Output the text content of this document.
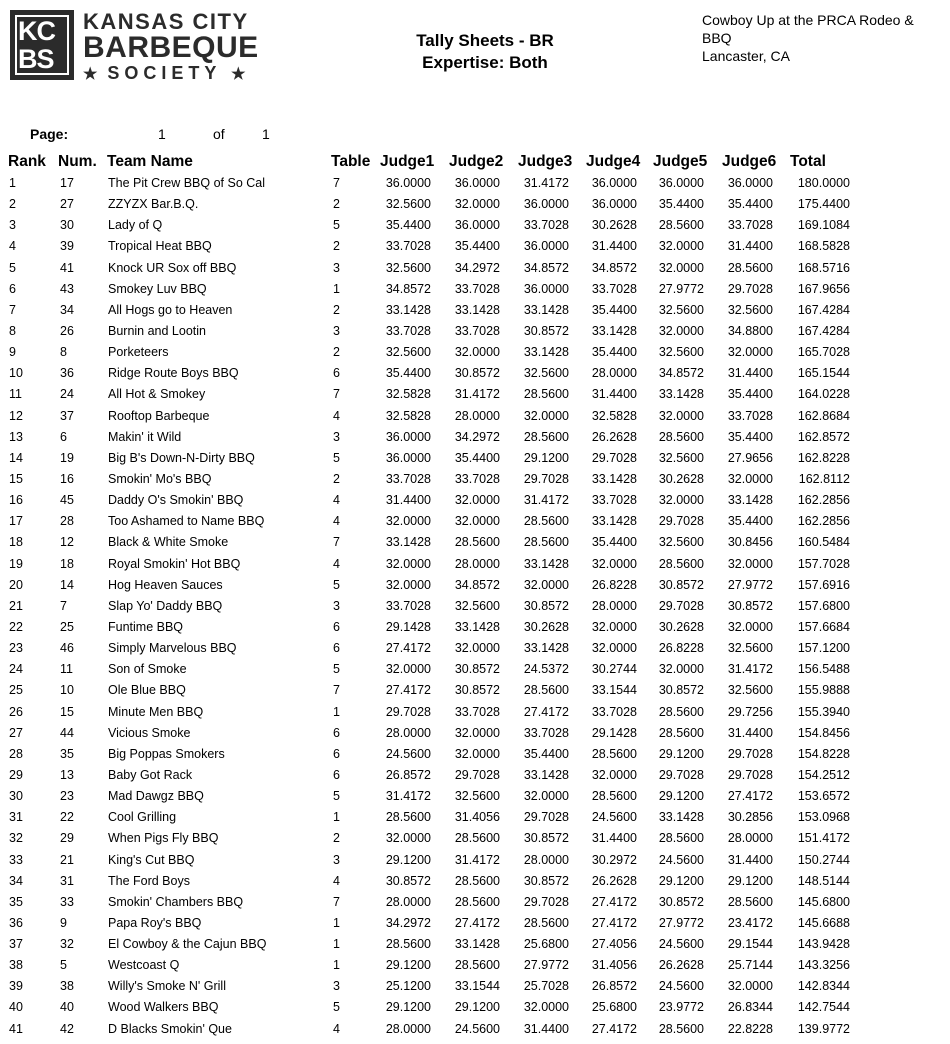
KC
BS
KANSAS CITY
BARBEQUE
★ SOCIETY ★
Tally Sheets - BR
Expertise: Both
Cowboy Up at the PRCA Rodeo &
BBQ
Lancaster, CA
Page:	1	of	1
Rank Num. Team Name	Table Judge1 Judge2 Judge3 Judge4 Judge5 Judge6 Total
1	17	The Pit Crew BBQ of So Cal	7	36.0000	36.0000	31.4172	36.0000	36.0000	36.0000	180.0000
2	27	ZZYZX Bar.B.Q.	2	32.5600	32.0000	36.0000	36.0000	35.4400	35.4400	175.4400
3	30	Lady of Q	5	35.4400	36.0000	33.7028	30.2628	28.5600	33.7028	169.1084
4	39	Tropical Heat BBQ	2	33.7028	35.4400	36.0000	31.4400	32.0000	31.4400	168.5828
5	41	Knock UR Sox off BBQ	3	32.5600	34.2972	34.8572	34.8572	32.0000	28.5600	168.5716
6	43	Smokey Luv BBQ	1	34.8572	33.7028	36.0000	33.7028	27.9772	29.7028	167.9656
7	34	All Hogs go to Heaven	2	33.1428	33.1428	33.1428	35.4400	32.5600	32.5600	167.4284
8	26	Burnin and Lootin	3	33.7028	33.7028	30.8572	33.1428	32.0000	34.8800	167.4284
9	8	Porketeers	2	32.5600	32.0000	33.1428	35.4400	32.5600	32.0000	165.7028
10	36	Ridge Route Boys BBQ	6	35.4400	30.8572	32.5600	28.0000	34.8572	31.4400	165.1544
11	24	All Hot & Smokey	7	32.5828	31.4172	28.5600	31.4400	33.1428	35.4400	164.0228
12	37	Rooftop Barbeque	4	32.5828	28.0000	32.0000	32.5828	32.0000	33.7028	162.8684
13	6	Makin' it Wild	3	36.0000	34.2972	28.5600	26.2628	28.5600	35.4400	162.8572
14	19	Big B's Down-N-Dirty BBQ	5	36.0000	35.4400	29.1200	29.7028	32.5600	27.9656	162.8228
15	16	Smokin' Mo's BBQ	2	33.7028	33.7028	29.7028	33.1428	30.2628	32.0000	162.8112
16	45	Daddy O's Smokin' BBQ	4	31.4400	32.0000	31.4172	33.7028	32.0000	33.1428	162.2856
17	28	Too Ashamed to Name BBQ	4	32.0000	32.0000	28.5600	33.1428	29.7028	35.4400	162.2856
18	12	Black & White Smoke	7	33.1428	28.5600	28.5600	35.4400	32.5600	30.8456	160.5484
19	18	Royal Smokin' Hot BBQ	4	32.0000	28.0000	33.1428	32.0000	28.5600	32.0000	157.7028
20	14	Hog Heaven Sauces	5	32.0000	34.8572	32.0000	26.8228	30.8572	27.9772	157.6916
21	7	Slap Yo' Daddy BBQ	3	33.7028	32.5600	30.8572	28.0000	29.7028	30.8572	157.6800
22	25	Funtime BBQ	6	29.1428	33.1428	30.2628	32.0000	30.2628	32.0000	157.6684
23	46	Simply Marvelous BBQ	6	27.4172	32.0000	33.1428	32.0000	26.8228	32.5600	157.1200
24	11	Son of Smoke	5	32.0000	30.8572	24.5372	30.2744	32.0000	31.4172	156.5488
25	10	Ole Blue BBQ	7	27.4172	30.8572	28.5600	33.1544	30.8572	32.5600	155.9888
26	15	Minute Men BBQ	1	29.7028	33.7028	27.4172	33.7028	28.5600	29.7256	155.3940
27	44	Vicious Smoke	6	28.0000	32.0000	33.7028	29.1428	28.5600	31.4400	154.8456
28	35	Big Poppas Smokers	6	24.5600	32.0000	35.4400	28.5600	29.1200	29.7028	154.8228
29	13	Baby Got Rack	6	26.8572	29.7028	33.1428	32.0000	29.7028	29.7028	154.2512
30	23	Mad Dawgz BBQ	5	31.4172	32.5600	32.0000	28.5600	29.1200	27.4172	153.6572
31	22	Cool Grilling	1	28.5600	31.4056	29.7028	24.5600	33.1428	30.2856	153.0968
32	29	When Pigs Fly BBQ	2	32.0000	28.5600	30.8572	31.4400	28.5600	28.0000	151.4172
33	21	King's Cut BBQ	3	29.1200	31.4172	28.0000	30.2972	24.5600	31.4400	150.2744
34	31	The Ford Boys	4	30.8572	28.5600	30.8572	26.2628	29.1200	29.1200	148.5144
35	33	Smokin' Chambers BBQ	7	28.0000	28.5600	29.7028	27.4172	30.8572	28.5600	145.6800
36	9	Papa Roy's BBQ	1	34.2972	27.4172	28.5600	27.4172	27.9772	23.4172	145.6688
37	32	El Cowboy & the Cajun BBQ	1	28.5600	33.1428	25.6800	27.4056	24.5600	29.1544	143.9428
38	5	Westcoast Q	1	29.1200	28.5600	27.9772	31.4056	26.2628	25.7144	143.3256
39	38	Willy's Smoke N' Grill	3	25.1200	33.1544	25.7028	26.8572	24.5600	32.0000	142.8344
40	40	Wood Walkers BBQ	5	29.1200	29.1200	32.0000	25.6800	23.9772	26.8344	142.7544
41	42	D Blacks Smokin' Que	4	28.0000	24.5600	31.4400	27.4172	28.5600	22.8228	139.9772
